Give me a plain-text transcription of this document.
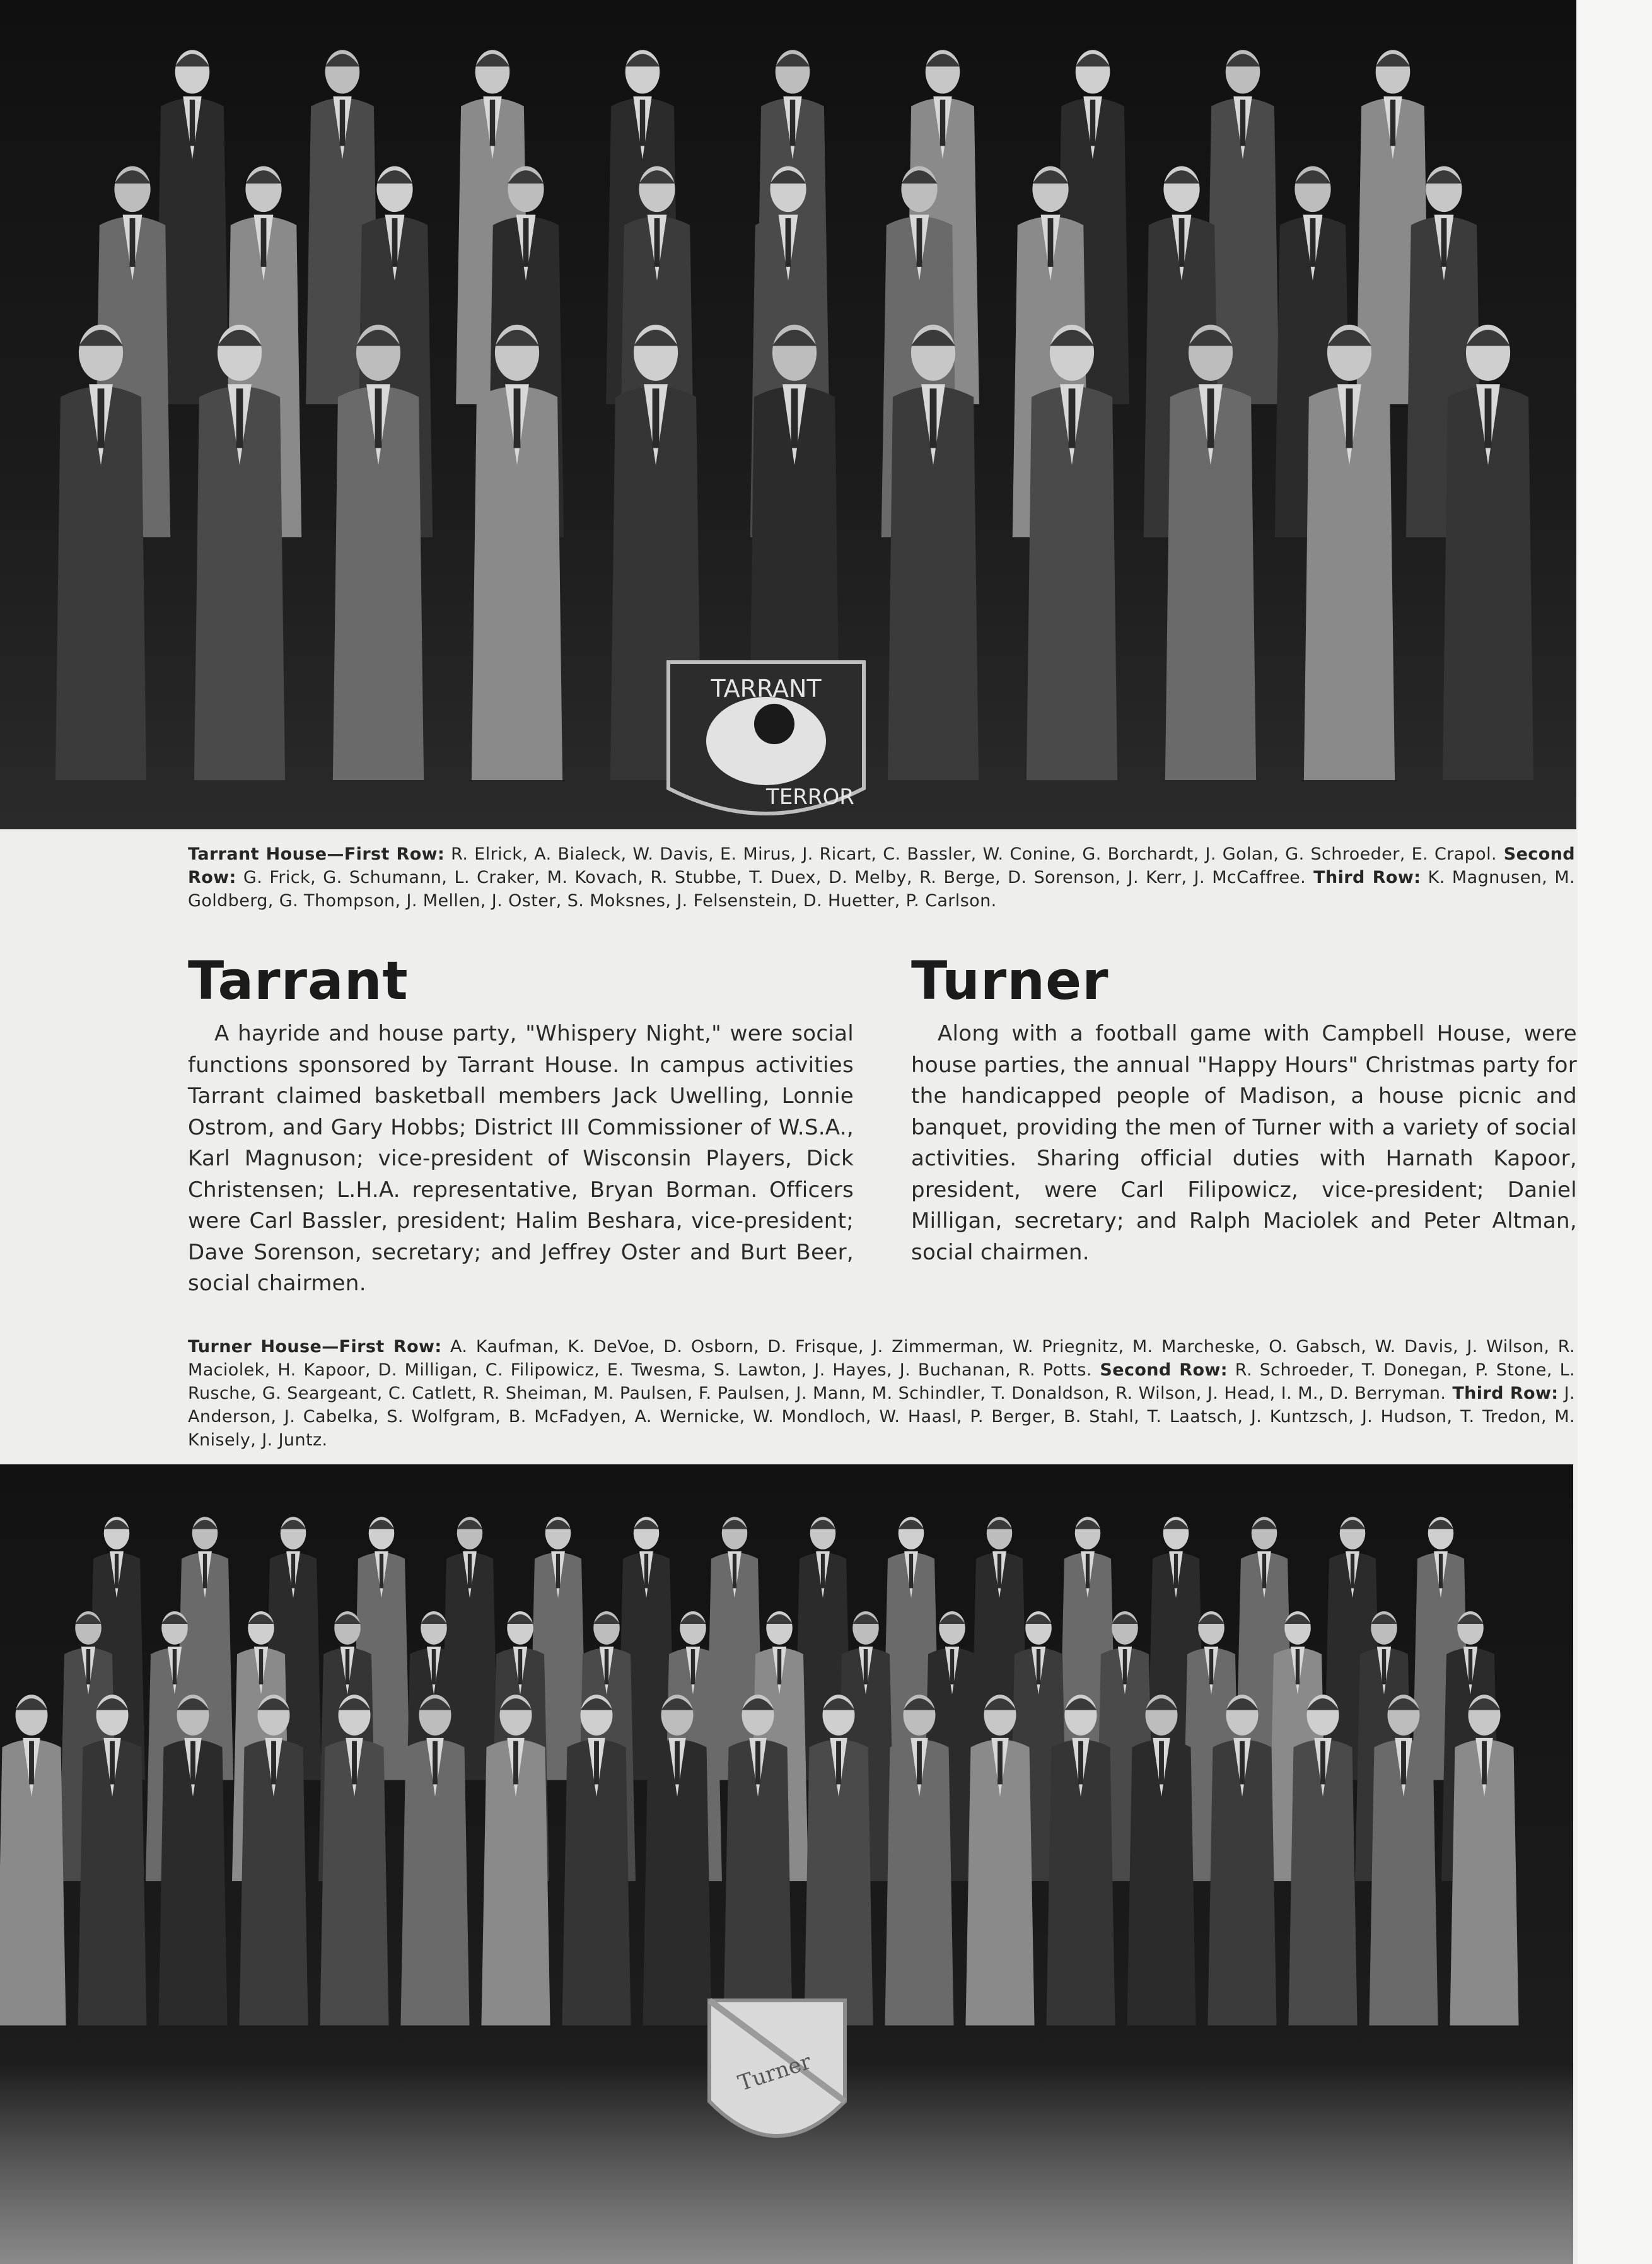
TARRANT
TERROR

Tarrant House—First Row: R. Elrick, A. Bialeck, W. Davis, E. Mirus, J. Ricart, C. Bassler, W. Conine, G. Borchardt, J. Golan, G. Schroeder, E. Crapol. Second Row: G. Frick, G. Schumann, L. Craker, M. Kovach, R. Stubbe, T. Duex, D. Melby, R. Berge, D. Sorenson, J. Kerr, J. McCaffree. Third Row: K. Magnusen, M. Goldberg, G. Thompson, J. Mellen, J. Oster, S. Moksnes, J. Felsenstein, D. Huetter, P. Carlson.

Tarrant

A hayride and house party, "Whispery Night," were social functions sponsored by Tarrant House. In campus activities Tarrant claimed basketball members Jack Uwelling, Lonnie Ostrom, and Gary Hobbs; District III Commissioner of W.S.A., Karl Magnuson; vice-president of Wisconsin Players, Dick Christensen; L.H.A. representative, Bryan Borman. Officers were Carl Bassler, president; Halim Beshara, vice-president; Dave Sorenson, secretary; and Jeffrey Oster and Burt Beer, social chairmen.

Turner

Along with a football game with Campbell House, were house parties, the annual "Happy Hours" Christmas party for the handicapped people of Madison, a house picnic and banquet, providing the men of Turner with a variety of social activities. Sharing official duties with Harnath Kapoor, president, were Carl Filipowicz, vice-president; Daniel Milligan, secretary; and Ralph Maciolek and Peter Altman, social chairmen.

Turner House—First Row: A. Kaufman, K. DeVoe, D. Osborn, D. Frisque, J. Zimmerman, W. Priegnitz, M. Marcheske, O. Gabsch, W. Davis, J. Wilson, R. Maciolek, H. Kapoor, D. Milligan, C. Filipowicz, E. Twesma, S. Lawton, J. Hayes, J. Buchanan, R. Potts. Second Row: R. Schroeder, T. Donegan, P. Stone, L. Rusche, G. Seargeant, C. Catlett, R. Sheiman, M. Paulsen, F. Paulsen, J. Mann, M. Schindler, T. Donaldson, R. Wilson, J. Head, I. M., D. Berryman. Third Row: J. Anderson, J. Cabelka, S. Wolfgram, B. McFadyen, A. Wernicke, W. Mondloch, W. Haasl, P. Berger, B. Stahl, T. Laatsch, J. Kuntzsch, J. Hudson, T. Tredon, M. Knisely, J. Juntz.

Turner
